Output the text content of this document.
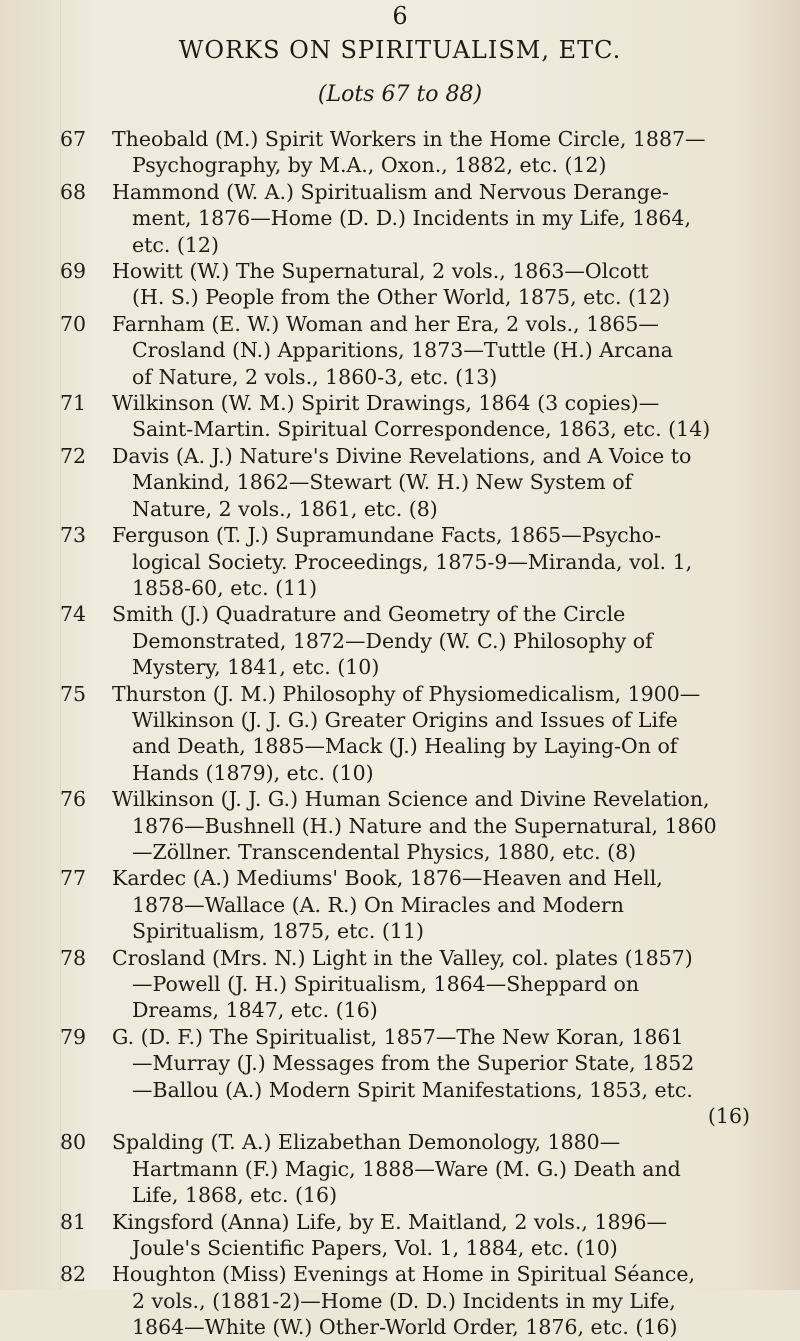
6
WORKS ON SPIRITUALISM, ETC.
(Lots 67 to 88)
67	Theobald (M.) Spirit Workers in the Home Circle, 1887—
Psychography, by M.A., Oxon., 1882, etc. (12)
68	Hammond (W. A.) Spiritualism and Nervous Derange-
ment, 1876—Home (D. D.) Incidents in my Life, 1864,
etc. (12)
69	Howitt (W.) The Supernatural, 2 vols., 1863—Olcott
(H. S.) People from the Other World, 1875, etc. (12)
70	Farnham (E. W.) Woman and her Era, 2 vols., 1865—
Crosland (N.) Apparitions, 1873—Tuttle (H.) Arcana
of Nature, 2 vols., 1860-3, etc. (13)
71	Wilkinson (W. M.) Spirit Drawings, 1864 (3 copies)—
Saint-Martin. Spiritual Correspondence, 1863, etc. (14)
72	Davis (A. J.) Nature's Divine Revelations, and A Voice to
Mankind, 1862—Stewart (W. H.) New System of
Nature, 2 vols., 1861, etc. (8)
73	Ferguson (T. J.) Supramundane Facts, 1865—Psycho-
logical Society. Proceedings, 1875-9—Miranda, vol. 1,
1858-60, etc. (11)
74	Smith (J.) Quadrature and Geometry of the Circle
Demonstrated, 1872—Dendy (W. C.) Philosophy of
Mystery, 1841, etc. (10)
75	Thurston (J. M.) Philosophy of Physiomedicalism, 1900—
Wilkinson (J. J. G.) Greater Origins and Issues of Life
and Death, 1885—Mack (J.) Healing by Laying-On of
Hands (1879), etc. (10)
76	Wilkinson (J. J. G.) Human Science and Divine Revelation,
1876—Bushnell (H.) Nature and the Supernatural, 1860
—Zöllner. Transcendental Physics, 1880, etc. (8)
77	Kardec (A.) Mediums' Book, 1876—Heaven and Hell,
1878—Wallace (A. R.) On Miracles and Modern
Spiritualism, 1875, etc. (11)
78	Crosland (Mrs. N.) Light in the Valley, col. plates (1857)
—Powell (J. H.) Spiritualism, 1864—Sheppard on
Dreams, 1847, etc. (16)
79	G. (D. F.) The Spiritualist, 1857—The New Koran, 1861
—Murray (J.) Messages from the Superior State, 1852
—Ballou (A.) Modern Spirit Manifestations, 1853, etc.
(16)
80	Spalding (T. A.) Elizabethan Demonology, 1880—
Hartmann (F.) Magic, 1888—Ware (M. G.) Death and
Life, 1868, etc. (16)
81	Kingsford (Anna) Life, by E. Maitland, 2 vols., 1896—
Joule's Scientific Papers, Vol. 1, 1884, etc. (10)
82	Houghton (Miss) Evenings at Home in Spiritual Séance,
2 vols., (1881-2)—Home (D. D.) Incidents in my Life,
1864—White (W.) Other-World Order, 1876, etc. (16)
